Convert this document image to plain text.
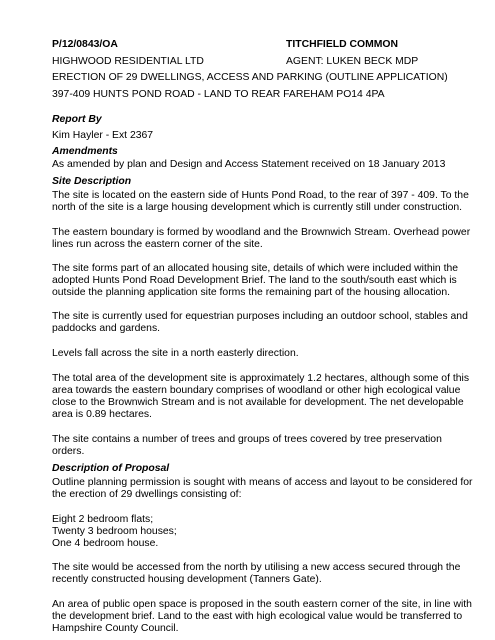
P/12/0843/OA	TITCHFIELD COMMON
HIGHWOOD RESIDENTIAL LTD	AGENT: LUKEN BECK MDP
ERECTION OF 29 DWELLINGS, ACCESS AND PARKING (OUTLINE APPLICATION)
397-409 HUNTS POND ROAD - LAND TO REAR FAREHAM PO14 4PA
Report By
Kim Hayler - Ext 2367
Amendments
As amended by plan and Design and Access Statement received on 18 January 2013
Site Description
The site is located on the eastern side of Hunts Pond Road, to the rear of 397 - 409. To the
north of the site is a large housing development which is currently still under construction.
The eastern boundary is formed by woodland and the Brownwich Stream. Overhead power
lines run across the eastern corner of the site.
The site forms part of an allocated housing site, details of which were included within the
adopted Hunts Pond Road Development Brief. The land to the south/south east which is
outside the planning application site forms the remaining part of the housing allocation.
The site is currently used for equestrian purposes including an outdoor school, stables and
paddocks and gardens.
Levels fall across the site in a north easterly direction.
The total area of the development site is approximately 1.2 hectares, although some of this
area towards the eastern boundary comprises of woodland or other high ecological value
close to the Brownwich Stream and is not available for development. The net developable
area is 0.89 hectares.
The site contains a number of trees and groups of trees covered by tree preservation
orders.
Description of Proposal
Outline planning permission is sought with means of access and layout to be considered for
the erection of 29 dwellings consisting of:
Eight 2 bedroom flats;
Twenty 3 bedroom houses;
One 4 bedroom house.
The site would be accessed from the north by utilising a new access secured through the
recently constructed housing development (Tanners Gate).
An area of public open space is proposed in the south eastern corner of the site, in line with
the development brief. Land to the east with high ecological value would be transferred to
Hampshire County Council.
